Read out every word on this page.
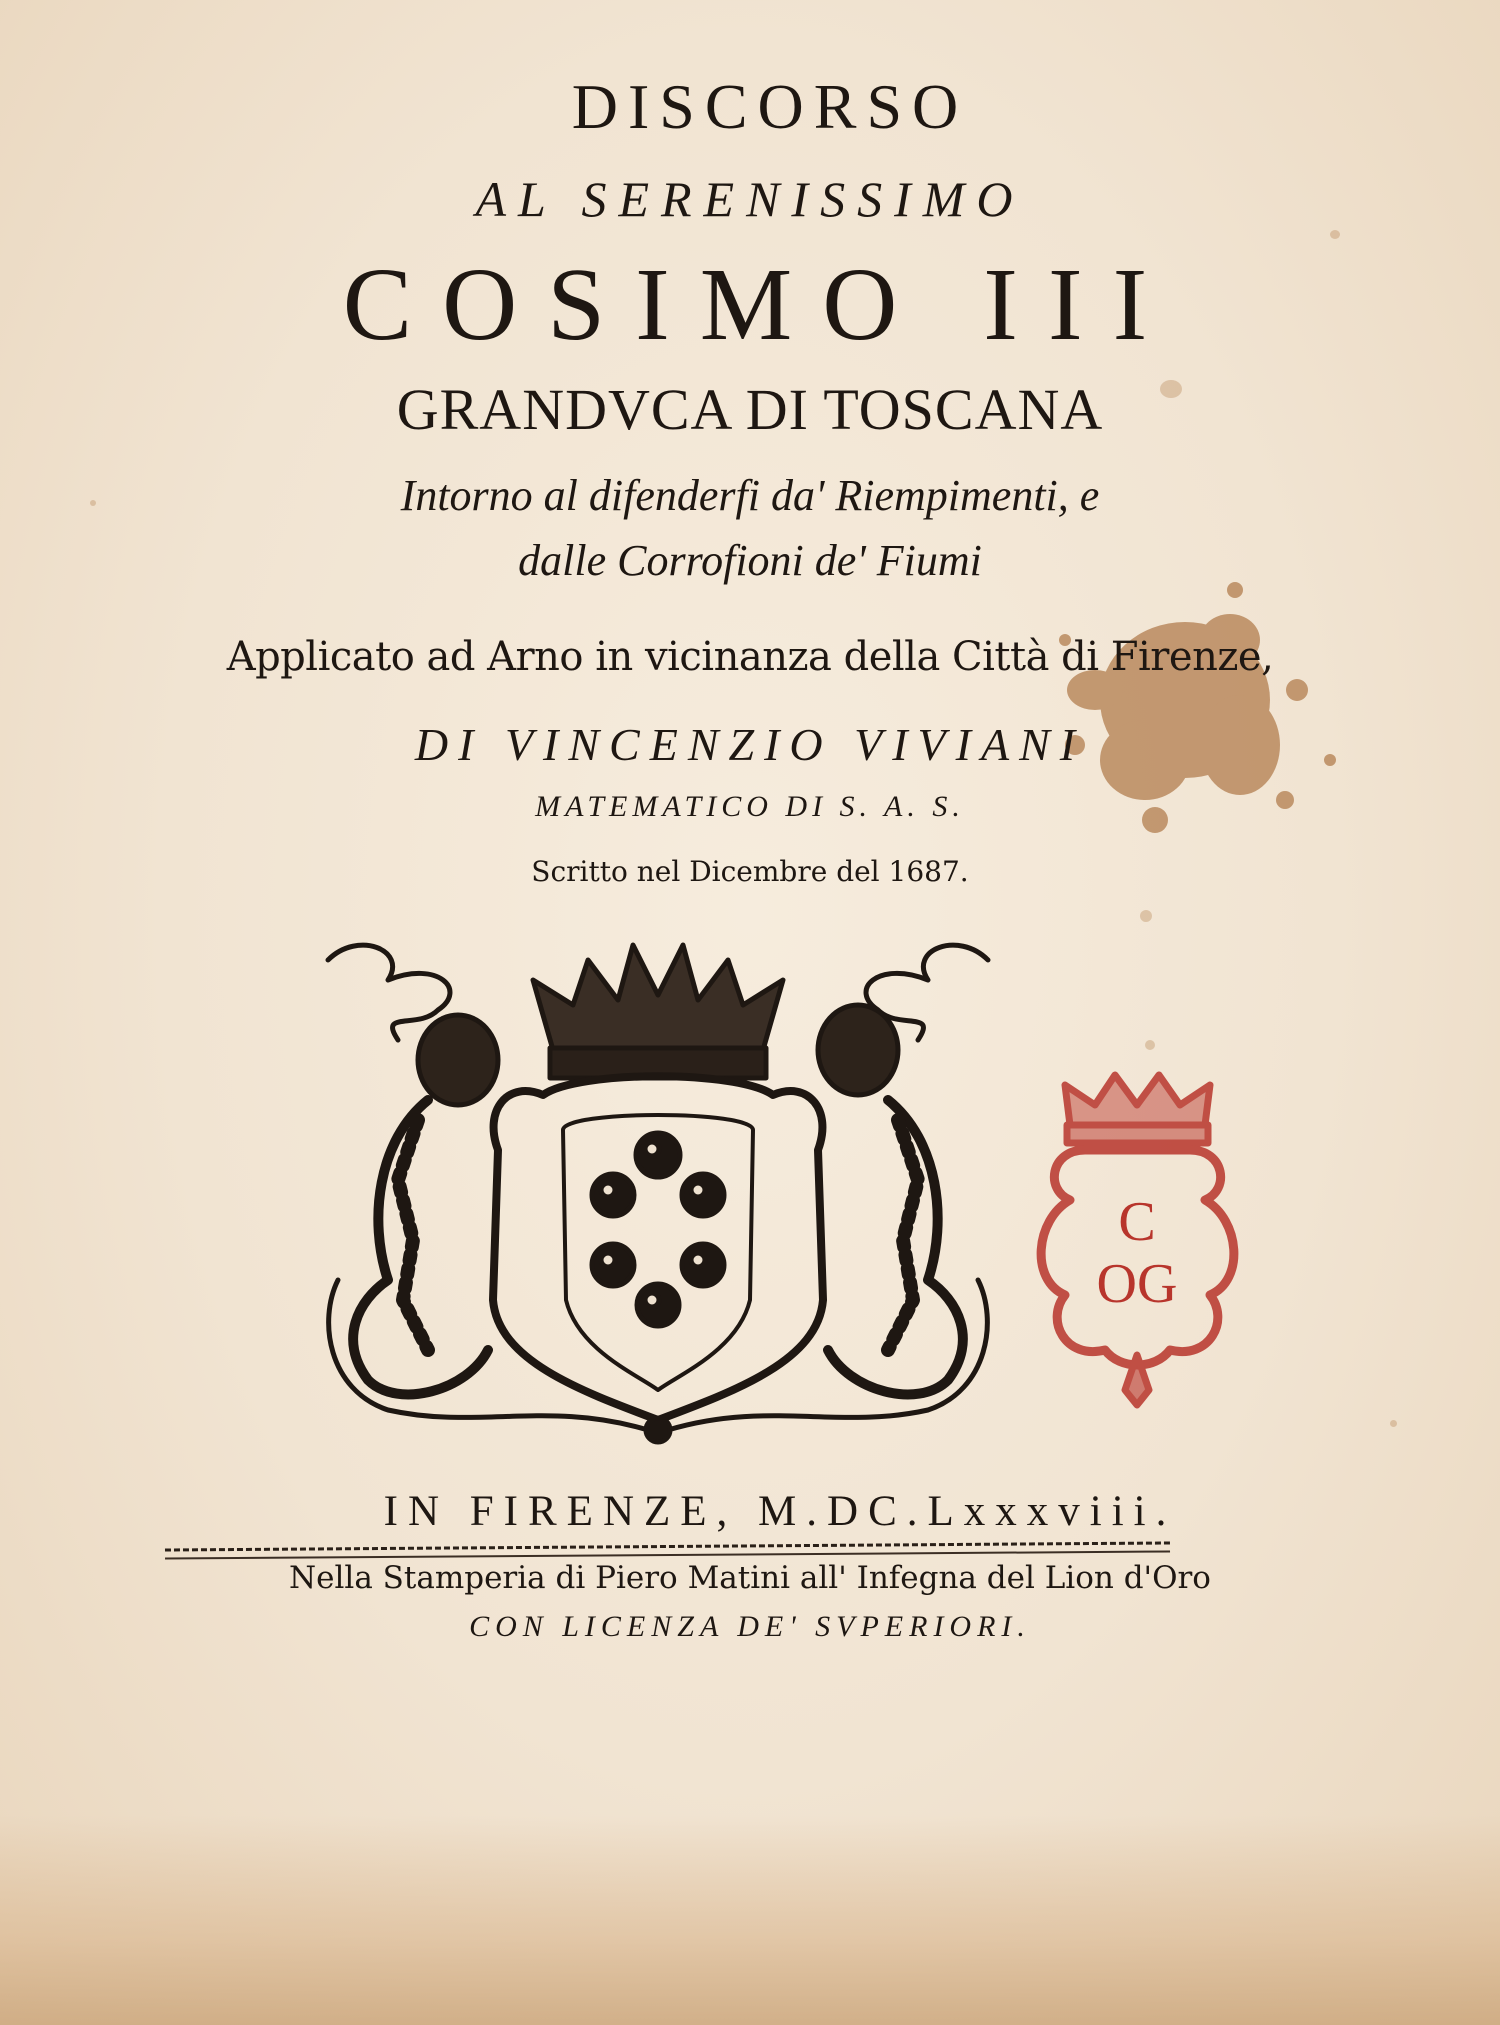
DISCORSO
AL SERENISSIMO
COSIMO III
GRANDVCA DI TOSCANA
Intorno al difenderfi da' Riempimenti, e
dalle Corrofioni de' Fiumi
Applicato ad Arno in vicinanza della Città di Firenze,
DI VINCENZIO VIVIANI
MATEMATICO DI S. A. S.
Scritto nel Dicembre del 1687.
C
OG
IN FIRENZE, M.DC.Lxxxviii.
Nella Stamperia di Piero Matini all' Infegna del Lion d'Oro
CON LICENZA DE' SVPERIORI.
